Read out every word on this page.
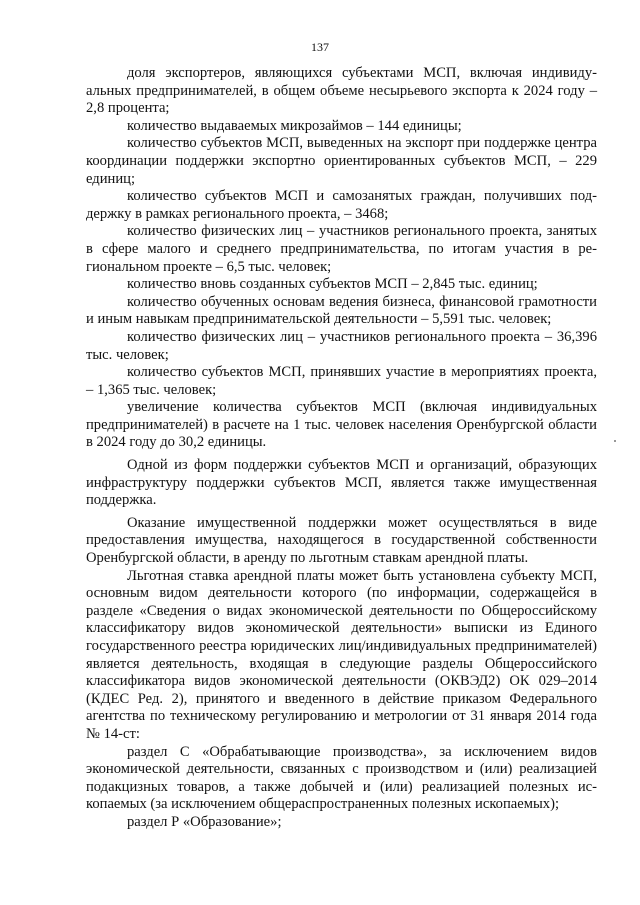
137

доля экспортеров, являющихся субъектами МСП, включая индивидуальных предпринимателей, в общем объеме несырьевого экспорта к 2024 году – 2,8 процента;

количество выдаваемых микрозаймов – 144 единицы;

количество субъектов МСП, выведенных на экспорт при поддержке центра координации поддержки экспортно ориентированных субъектов МСП, – 229 единиц;

количество субъектов МСП и самозанятых граждан, получивших поддержку в рамках регионального проекта, – 3468;

количество физических лиц – участников регионального проекта, занятых в сфере малого и среднего предпринимательства, по итогам участия в региональном проекте – 6,5 тыс. человек;

количество вновь созданных субъектов МСП – 2,845 тыс. единиц;

количество обученных основам ведения бизнеса, финансовой грамотности и иным навыкам предпринимательской деятельности – 5,591 тыс. человек;

количество физических лиц – участников регионального проекта – 36,396 тыс. человек;

количество субъектов МСП, принявших участие в мероприятиях проекта, – 1,365 тыс. человек;

увеличение количества субъектов МСП (включая индивидуальных предпринимателей) в расчете на 1 тыс. человек населения Оренбургской области в 2024 году до 30,2 единицы.

Одной из форм поддержки субъектов МСП и организаций, образующих инфраструктуру поддержки субъектов МСП, является также имущественная поддержка.

Оказание имущественной поддержки может осуществляться в виде предоставления имущества, находящегося в государственной собственности Оренбургской области, в аренду по льготным ставкам арендной платы.

Льготная ставка арендной платы может быть установлена субъекту МСП, основным видом деятельности которого (по информации, содержащейся в разделе «Сведения о видах экономической деятельности по Общероссийскому классификатору видов экономической деятельности» выписки из Единого государственного реестра юридических лиц/индивидуальных предпринимателей) является деятельность, входящая в следующие разделы Общероссийского классификатора видов экономической деятельности (ОКВЭД2) ОК 029–2014 (КДЕС Ред. 2), принятого и введенного в действие приказом Федерального агентства по техническому регулированию и метрологии от 31 января 2014 года № 14-ст:

раздел С «Обрабатывающие производства», за исключением видов экономической деятельности, связанных с производством и (или) реализацией подакцизных товаров, а также добычей и (или) реализацией полезных ископаемых (за исключением общераспространенных полезных ископаемых);

раздел Р «Образование»;
